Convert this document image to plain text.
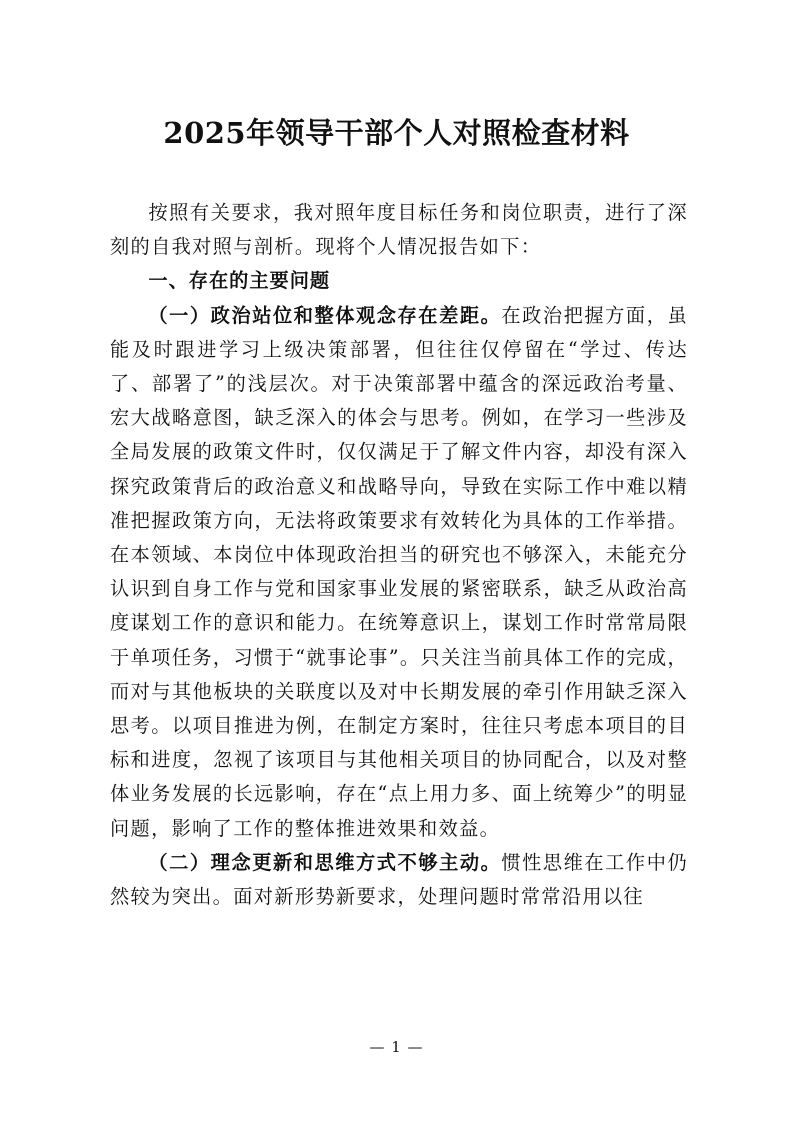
2025年领导干部个人对照检查材料

按照有关要求，我对照年度目标任务和岗位职责，进行了深刻的自我对照与剖析。现将个人情况报告如下：

一、存在的主要问题

（一）政治站位和整体观念存在差距。在政治把握方面，虽能及时跟进学习上级决策部署，但往往仅停留在“学过、传达了、部署了”的浅层次。对于决策部署中蕴含的深远政治考量、宏大战略意图，缺乏深入的体会与思考。例如，在学习一些涉及全局发展的政策文件时，仅仅满足于了解文件内容，却没有深入探究政策背后的政治意义和战略导向，导致在实际工作中难以精准把握政策方向，无法将政策要求有效转化为具体的工作举措。在本领域、本岗位中体现政治担当的研究也不够深入，未能充分认识到自身工作与党和国家事业发展的紧密联系，缺乏从政治高度谋划工作的意识和能力。在统筹意识上，谋划工作时常常局限于单项任务，习惯于“就事论事”。只关注当前具体工作的完成，而对与其他板块的关联度以及对中长期发展的牵引作用缺乏深入思考。以项目推进为例，在制定方案时，往往只考虑本项目的目标和进度，忽视了该项目与其他相关项目的协同配合，以及对整体业务发展的长远影响，存在“点上用力多、面上统筹少”的明显问题，影响了工作的整体推进效果和效益。

（二）理念更新和思维方式不够主动。惯性思维在工作中仍然较为突出。面对新形势新要求，处理问题时常常沿用以往

— 1 —
